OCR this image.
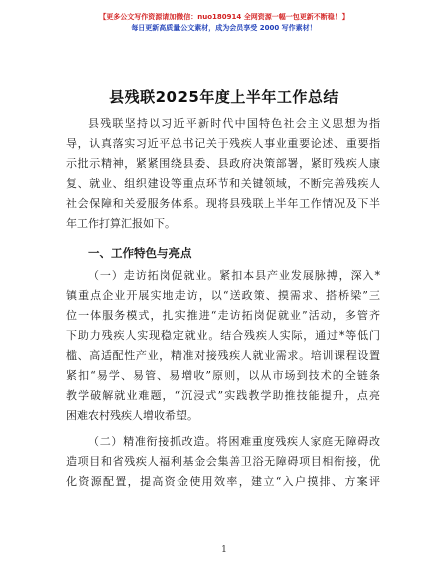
【更多公文写作资源请加微信：nuo180914 全网资源一幅一包更新不断稳！】
每日更新高质量公文素材，成为会员享受 2000 写作素材！
县残联2025年度上半年工作总结
县残联坚持以习近平新时代中国特色社会主义思想为指
导，认真落实习近平总书记关于残疾人事业重要论述、重要指
示批示精神，紧紧围绕县委、县政府决策部署，紧盯残疾人康
复、就业、组织建设等重点环节和关键领域，不断完善残疾人
社会保障和关爱服务体系。现将县残联上半年工作情况及下半
年工作打算汇报如下。
一、工作特色与亮点
（一）走访拓岗促就业。紧扣本县产业发展脉搏，深入*
镇重点企业开展实地走访，以“送政策、摸需求、搭桥梁”三
位一体服务模式，扎实推进“走访拓岗促就业”活动，多管齐
下助力残疾人实现稳定就业。结合残疾人实际，通过*等低门
槛、高适配性产业，精准对接残疾人就业需求。培训课程设置
紧扣“易学、易管、易增收”原则，以从市场到技术的全链条
教学破解就业难题，“沉浸式”实践教学助推技能提升，点亮
困难农村残疾人增收希望。
（二）精准衔接抓改造。将困难重度残疾人家庭无障碍改
造项目和省残疾人福利基金会集善卫浴无障碍项目相衔接，优
化资源配置，提高资金使用效率，建立“入户摸排、方案评
1
